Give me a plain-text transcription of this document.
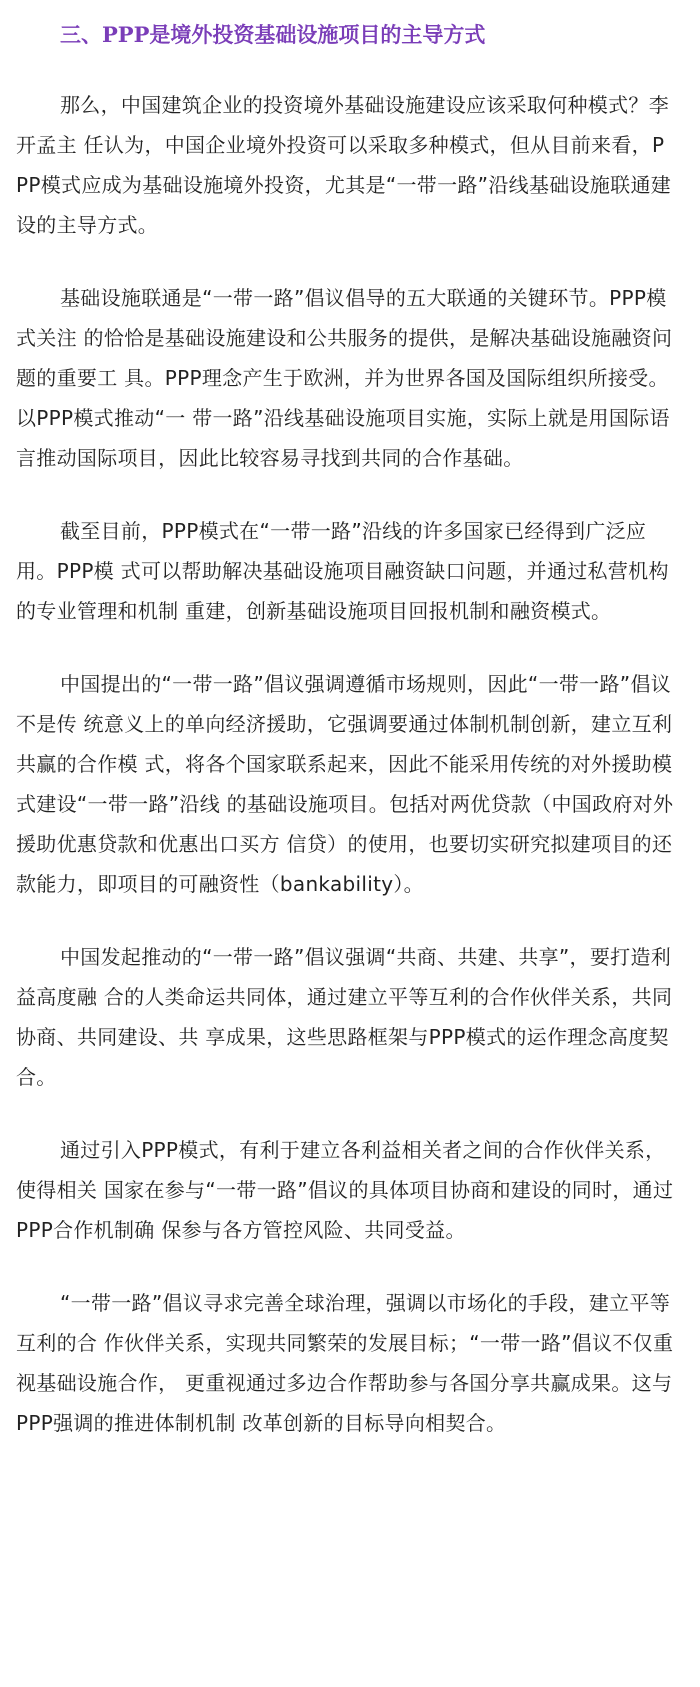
三、PPP是境外投资基础设施项目的主导方式

那么，中国建筑企业的投资境外基础设施建设应该采取何种模式？李开孟主 任认为，中国企业境外投资可以采取多种模式，但从目前来看，PPP模式应成为基础设施境外投资，尤其是“一带一路”沿线基础设施联通建设的主导方式。

基础设施联通是“一带一路”倡议倡导的五大联通的关键环节。PPP模式关注 的恰恰是基础设施建设和公共服务的提供，是解决基础设施融资问题的重要工 具。PPP理念产生于欧洲，并为世界各国及国际组织所接受。以PPP模式推动“一 带一路”沿线基础设施项目实施，实际上就是用国际语言推动国际项目，因此比较容易寻找到共同的合作基础。

截至目前，PPP模式在“一带一路”沿线的许多国家已经得到广泛应用。PPP模 式可以帮助解决基础设施项目融资缺口问题，并通过私营机构的专业管理和机制 重建，创新基础设施项目回报机制和融资模式。

中国提出的“一带一路”倡议强调遵循市场规则，因此“一带一路”倡议不是传 统意义上的单向经济援助，它强调要通过体制机制创新，建立互利共赢的合作模 式，将各个国家联系起来，因此不能采用传统的对外援助模式建设“一带一路”沿线 的基础设施项目。包括对两优贷款（中国政府对外援助优惠贷款和优惠出口买方 信贷）的使用，也要切实研究拟建项目的还款能力，即项目的可融资性（bankability）。

中国发起推动的“一带一路”倡议强调“共商、共建、共享”，要打造利益高度融 合的人类命运共同体，通过建立平等互利的合作伙伴关系，共同协商、共同建设、共 享成果，这些思路框架与PPP模式的运作理念高度契合。

通过引入PPP模式，有利于建立各利益相关者之间的合作伙伴关系，使得相关 国家在参与“一带一路”倡议的具体项目协商和建设的同时，通过PPP合作机制确 保参与各方管控风险、共同受益。

“一带一路”倡议寻求完善全球治理，强调以市场化的手段，建立平等互利的合 作伙伴关系，实现共同繁荣的发展目标；“一带一路”倡议不仅重视基础设施合作， 更重视通过多边合作帮助参与各国分享共赢成果。这与PPP强调的推进体制机制 改革创新的目标导向相契合。
